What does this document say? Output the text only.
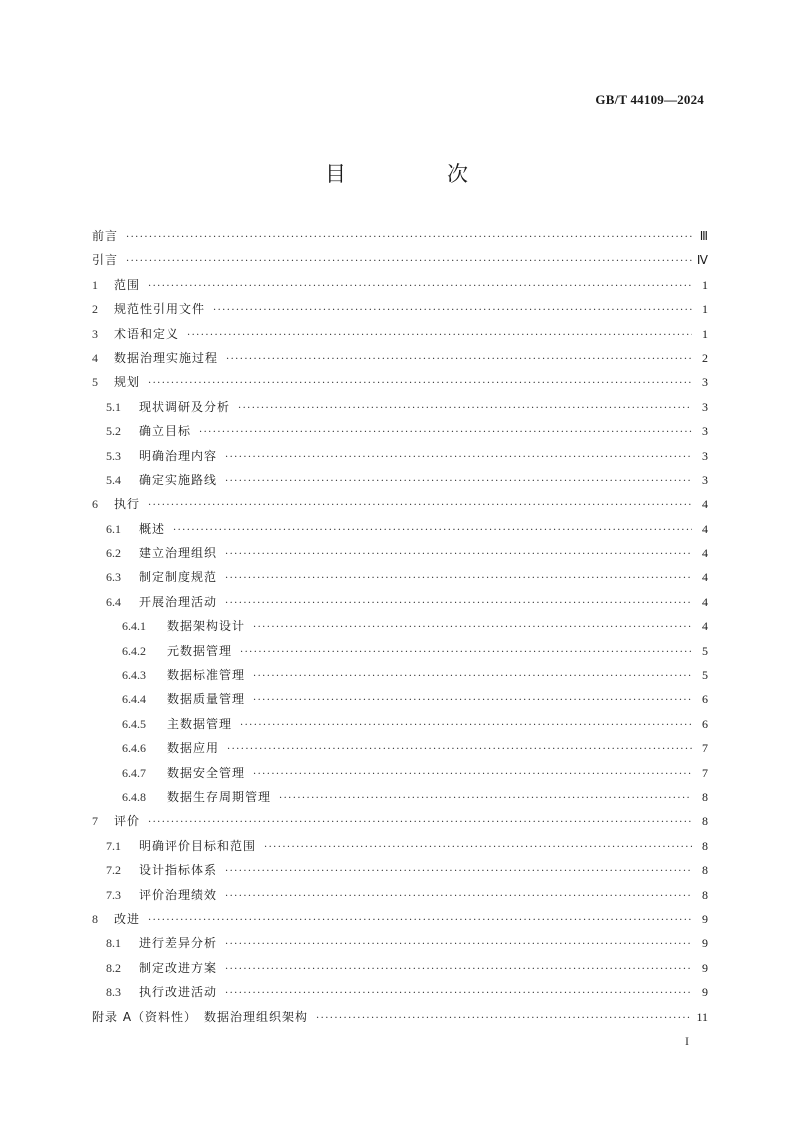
GB/T 44109—2024
目　次
前言 ·····	Ⅲ
引言 ·····	Ⅳ
1	范围 ·····	1
2	规范性引用文件 ·····	1
3	术语和定义 ·····	1
4	数据治理实施过程 ·····	2
5	规划 ·····	3
5.1	现状调研及分析 ·····	3
5.2	确立目标 ·····	3
5.3	明确治理内容 ·····	3
5.4	确定实施路线 ·····	3
6	执行 ·····	4
6.1	概述 ·····	4
6.2	建立治理组织 ·····	4
6.3	制定制度规范 ·····	4
6.4	开展治理活动 ·····	4
6.4.1	数据架构设计 ·····	4
6.4.2	元数据管理 ·····	5
6.4.3	数据标准管理 ·····	5
6.4.4	数据质量管理 ·····	6
6.4.5	主数据管理 ·····	6
6.4.6	数据应用 ·····	7
6.4.7	数据安全管理 ·····	7
6.4.8	数据生存周期管理 ·····	8
7	评价 ·····	8
7.1	明确评价目标和范围 ·····	8
7.2	设计指标体系 ·····	8
7.3	评价治理绩效 ·····	8
8	改进 ·····	9
8.1	进行差异分析 ·····	9
8.2	制定改进方案 ·····	9
8.3	执行改进活动 ·····	9
附录 A（资料性）　数据治理组织架构 ·····	11
I
